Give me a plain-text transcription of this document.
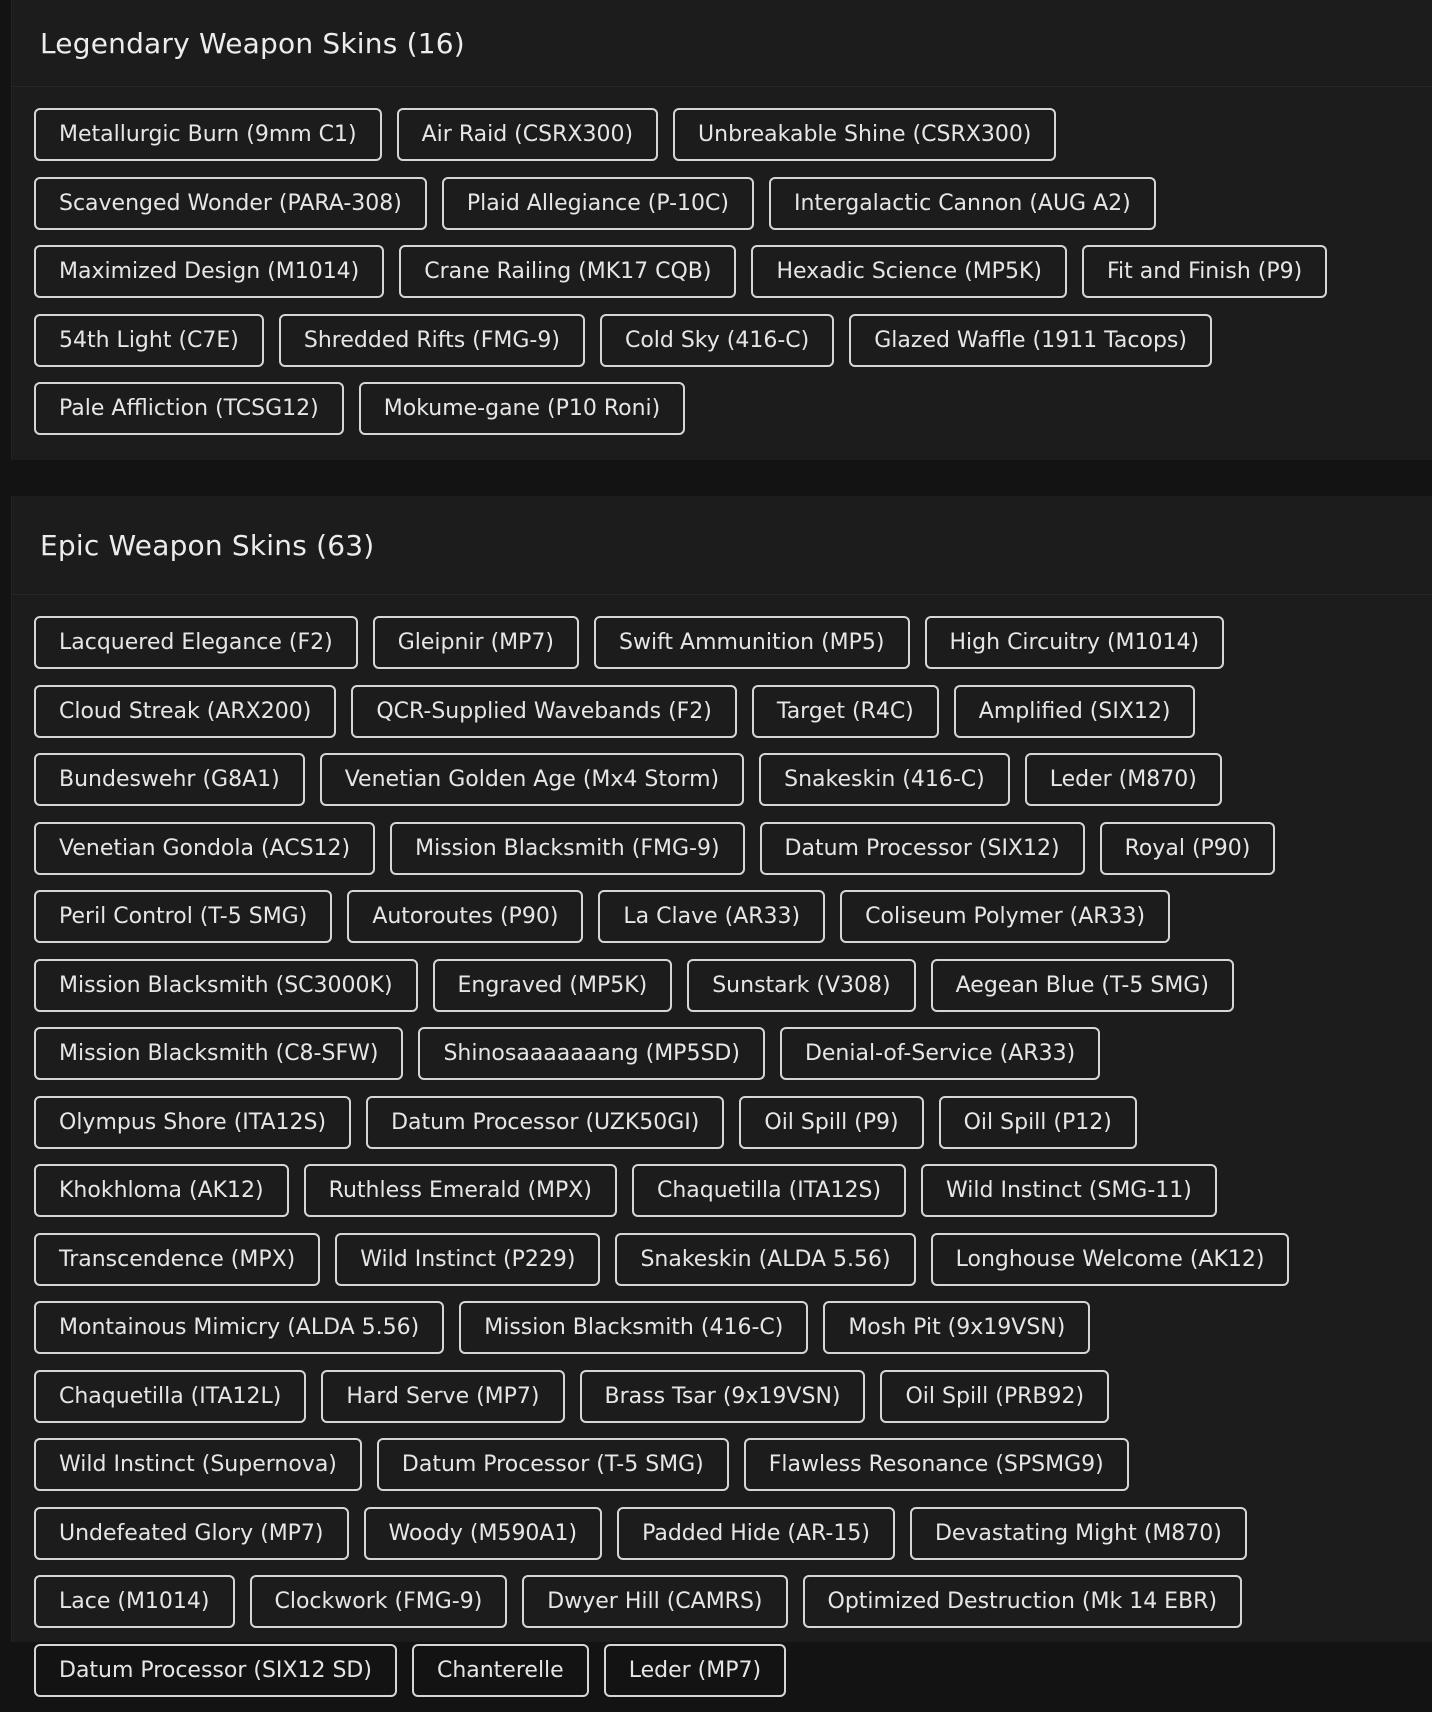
Legendary Weapon Skins (16)
Metallurgic Burn (9mm C1)	Air Raid (CSRX300)	Unbreakable Shine (CSRX300)
Scavenged Wonder (PARA-308)	Plaid Allegiance (P-10C)	Intergalactic Cannon (AUG A2)
Maximized Design (M1014)	Crane Railing (MK17 CQB)	Hexadic Science (MP5K)	Fit and Finish (P9)
54th Light (C7E)	Shredded Rifts (FMG-9)	Cold Sky (416-C)	Glazed Waffle (1911 Tacops)
Pale Affliction (TCSG12)	Mokume-gane (P10 Roni)
Epic Weapon Skins (63)
Lacquered Elegance (F2)	Gleipnir (MP7)	Swift Ammunition (MP5)	High Circuitry (M1014)
Cloud Streak (ARX200)	QCR-Supplied Wavebands (F2)	Target (R4C)	Amplified (SIX12)
Bundeswehr (G8A1)	Venetian Golden Age (Mx4 Storm)	Snakeskin (416-C)	Leder (M870)
Venetian Gondola (ACS12)	Mission Blacksmith (FMG-9)	Datum Processor (SIX12)	Royal (P90)
Peril Control (T-5 SMG)	Autoroutes (P90)	La Clave (AR33)	Coliseum Polymer (AR33)
Mission Blacksmith (SC3000K)	Engraved (MP5K)	Sunstark (V308)	Aegean Blue (T-5 SMG)
Mission Blacksmith (C8-SFW)	Shinosaaaaaaang (MP5SD)	Denial-of-Service (AR33)
Olympus Shore (ITA12S)	Datum Processor (UZK50GI)	Oil Spill (P9)	Oil Spill (P12)
Khokhloma (AK12)	Ruthless Emerald (MPX)	Chaquetilla (ITA12S)	Wild Instinct (SMG-11)
Transcendence (MPX)	Wild Instinct (P229)	Snakeskin (ALDA 5.56)	Longhouse Welcome (AK12)
Montainous Mimicry (ALDA 5.56)	Mission Blacksmith (416-C)	Mosh Pit (9x19VSN)
Chaquetilla (ITA12L)	Hard Serve (MP7)	Brass Tsar (9x19VSN)	Oil Spill (PRB92)
Wild Instinct (Supernova)	Datum Processor (T-5 SMG)	Flawless Resonance (SPSMG9)
Undefeated Glory (MP7)	Woody (M590A1)	Padded Hide (AR-15)	Devastating Might (M870)
Lace (M1014)	Clockwork (FMG-9)	Dwyer Hill (CAMRS)	Optimized Destruction (Mk 14 EBR)
Datum Processor (SIX12 SD)	Chanterelle	Leder (MP7)
